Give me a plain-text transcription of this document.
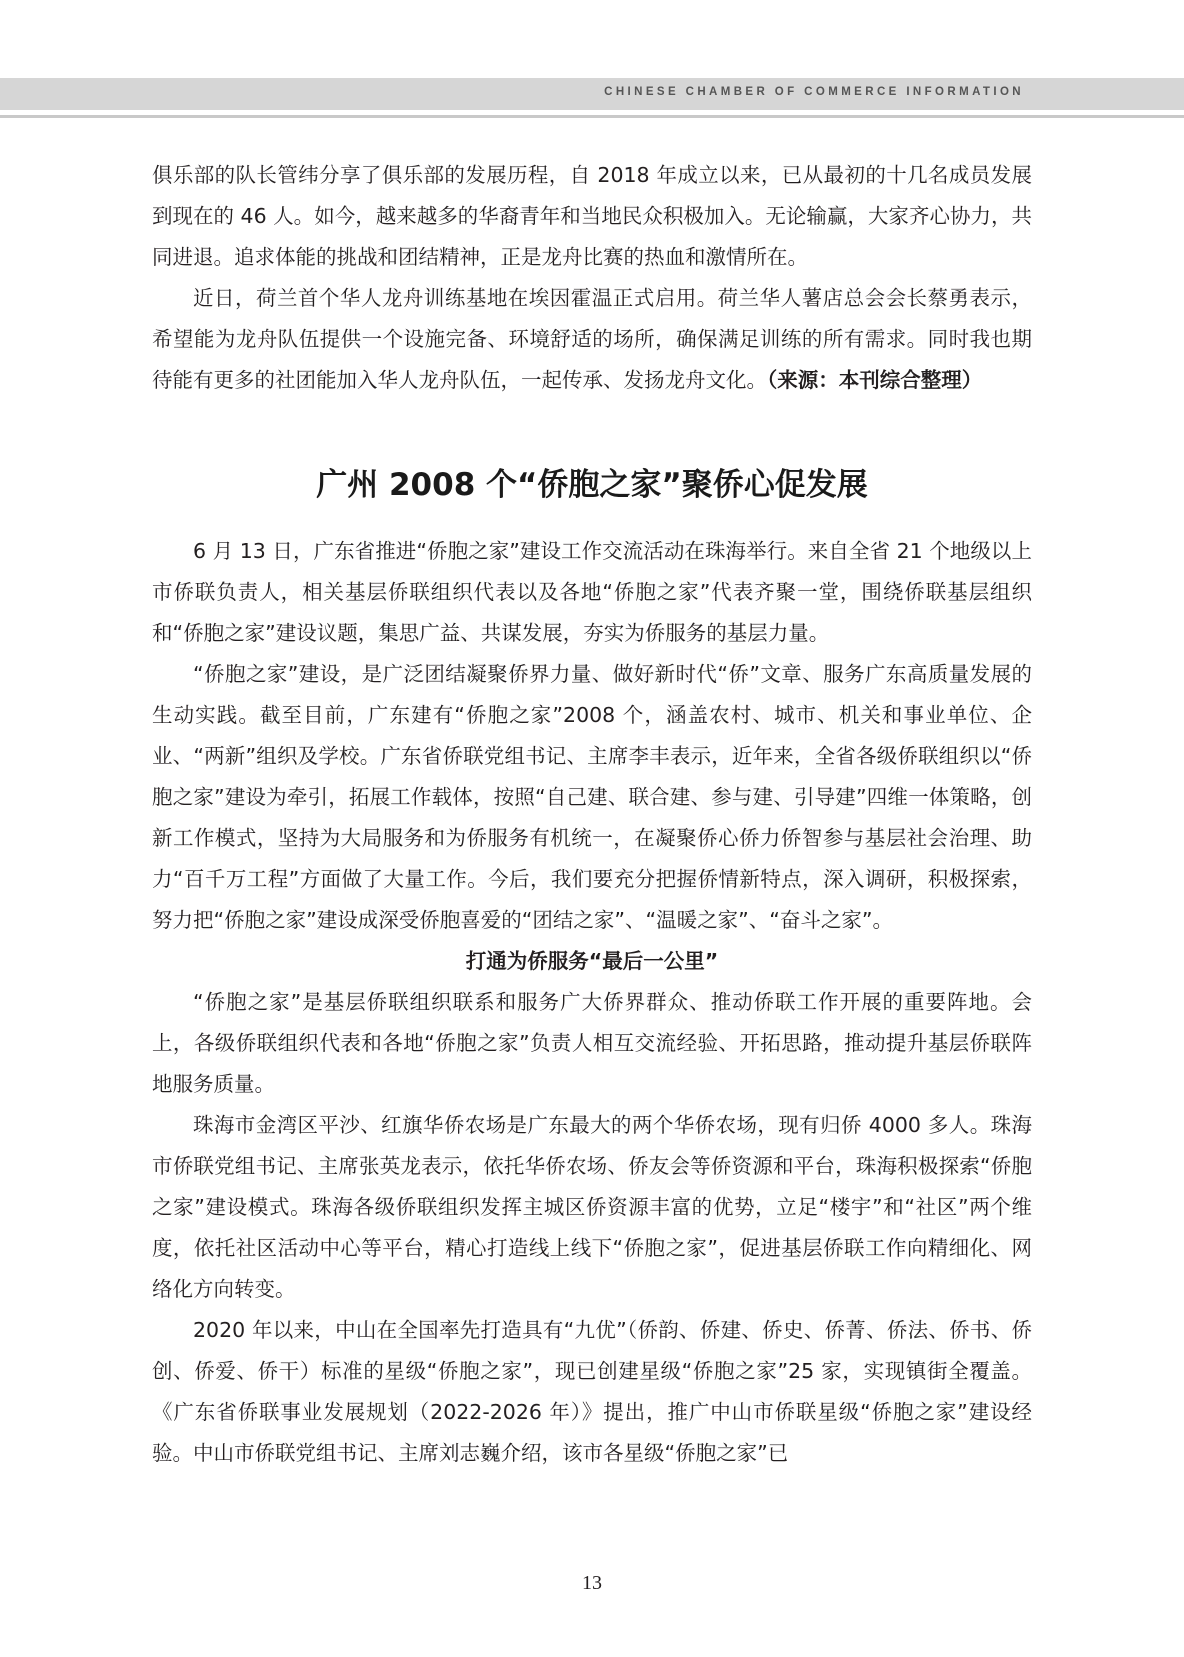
CHINESE CHAMBER OF COMMERCE INFORMATION

俱乐部的队长管纬分享了俱乐部的发展历程，自 2018 年成立以来，已从最初的十几名成员发展到现在的 46 人。如今，越来越多的华裔青年和当地民众积极加入。无论输赢，大家齐心协力，共同进退。追求体能的挑战和团结精神，正是龙舟比赛的热血和激情所在。

近日，荷兰首个华人龙舟训练基地在埃因霍温正式启用。荷兰华人薯店总会会长蔡勇表示，希望能为龙舟队伍提供一个设施完备、环境舒适的场所，确保满足训练的所有需求。同时我也期待能有更多的社团能加入华人龙舟队伍，一起传承、发扬龙舟文化。（来源：本刊综合整理）

广州 2008 个“侨胞之家”聚侨心促发展

6 月 13 日，广东省推进“侨胞之家”建设工作交流活动在珠海举行。来自全省 21 个地级以上市侨联负责人，相关基层侨联组织代表以及各地“侨胞之家”代表齐聚一堂，围绕侨联基层组织和“侨胞之家”建设议题，集思广益、共谋发展，夯实为侨服务的基层力量。

“侨胞之家”建设，是广泛团结凝聚侨界力量、做好新时代“侨”文章、服务广东高质量发展的生动实践。截至目前，广东建有“侨胞之家”2008 个，涵盖农村、城市、机关和事业单位、企业、“两新”组织及学校。广东省侨联党组书记、主席李丰表示，近年来，全省各级侨联组织以“侨胞之家”建设为牵引，拓展工作载体，按照“自己建、联合建、参与建、引导建”四维一体策略，创新工作模式，坚持为大局服务和为侨服务有机统一，在凝聚侨心侨力侨智参与基层社会治理、助力“百千万工程”方面做了大量工作。今后，我们要充分把握侨情新特点，深入调研，积极探索，努力把“侨胞之家”建设成深受侨胞喜爱的“团结之家”、“温暖之家”、“奋斗之家”。

打通为侨服务“最后一公里”

“侨胞之家”是基层侨联组织联系和服务广大侨界群众、推动侨联工作开展的重要阵地。会上，各级侨联组织代表和各地“侨胞之家”负责人相互交流经验、开拓思路，推动提升基层侨联阵地服务质量。

珠海市金湾区平沙、红旗华侨农场是广东最大的两个华侨农场，现有归侨 4000 多人。珠海市侨联党组书记、主席张英龙表示，依托华侨农场、侨友会等侨资源和平台，珠海积极探索“侨胞之家”建设模式。珠海各级侨联组织发挥主城区侨资源丰富的优势，立足“楼宇”和“社区”两个维度，依托社区活动中心等平台，精心打造线上线下“侨胞之家”，促进基层侨联工作向精细化、网络化方向转变。

2020 年以来，中山在全国率先打造具有“九优”（侨韵、侨建、侨史、侨菁、侨法、侨书、侨创、侨爱、侨干）标准的星级“侨胞之家”，现已创建星级“侨胞之家”25 家，实现镇街全覆盖。《广东省侨联事业发展规划（2022-2026 年）》提出，推广中山市侨联星级“侨胞之家”建设经验。中山市侨联党组书记、主席刘志巍介绍，该市各星级“侨胞之家”已

13
